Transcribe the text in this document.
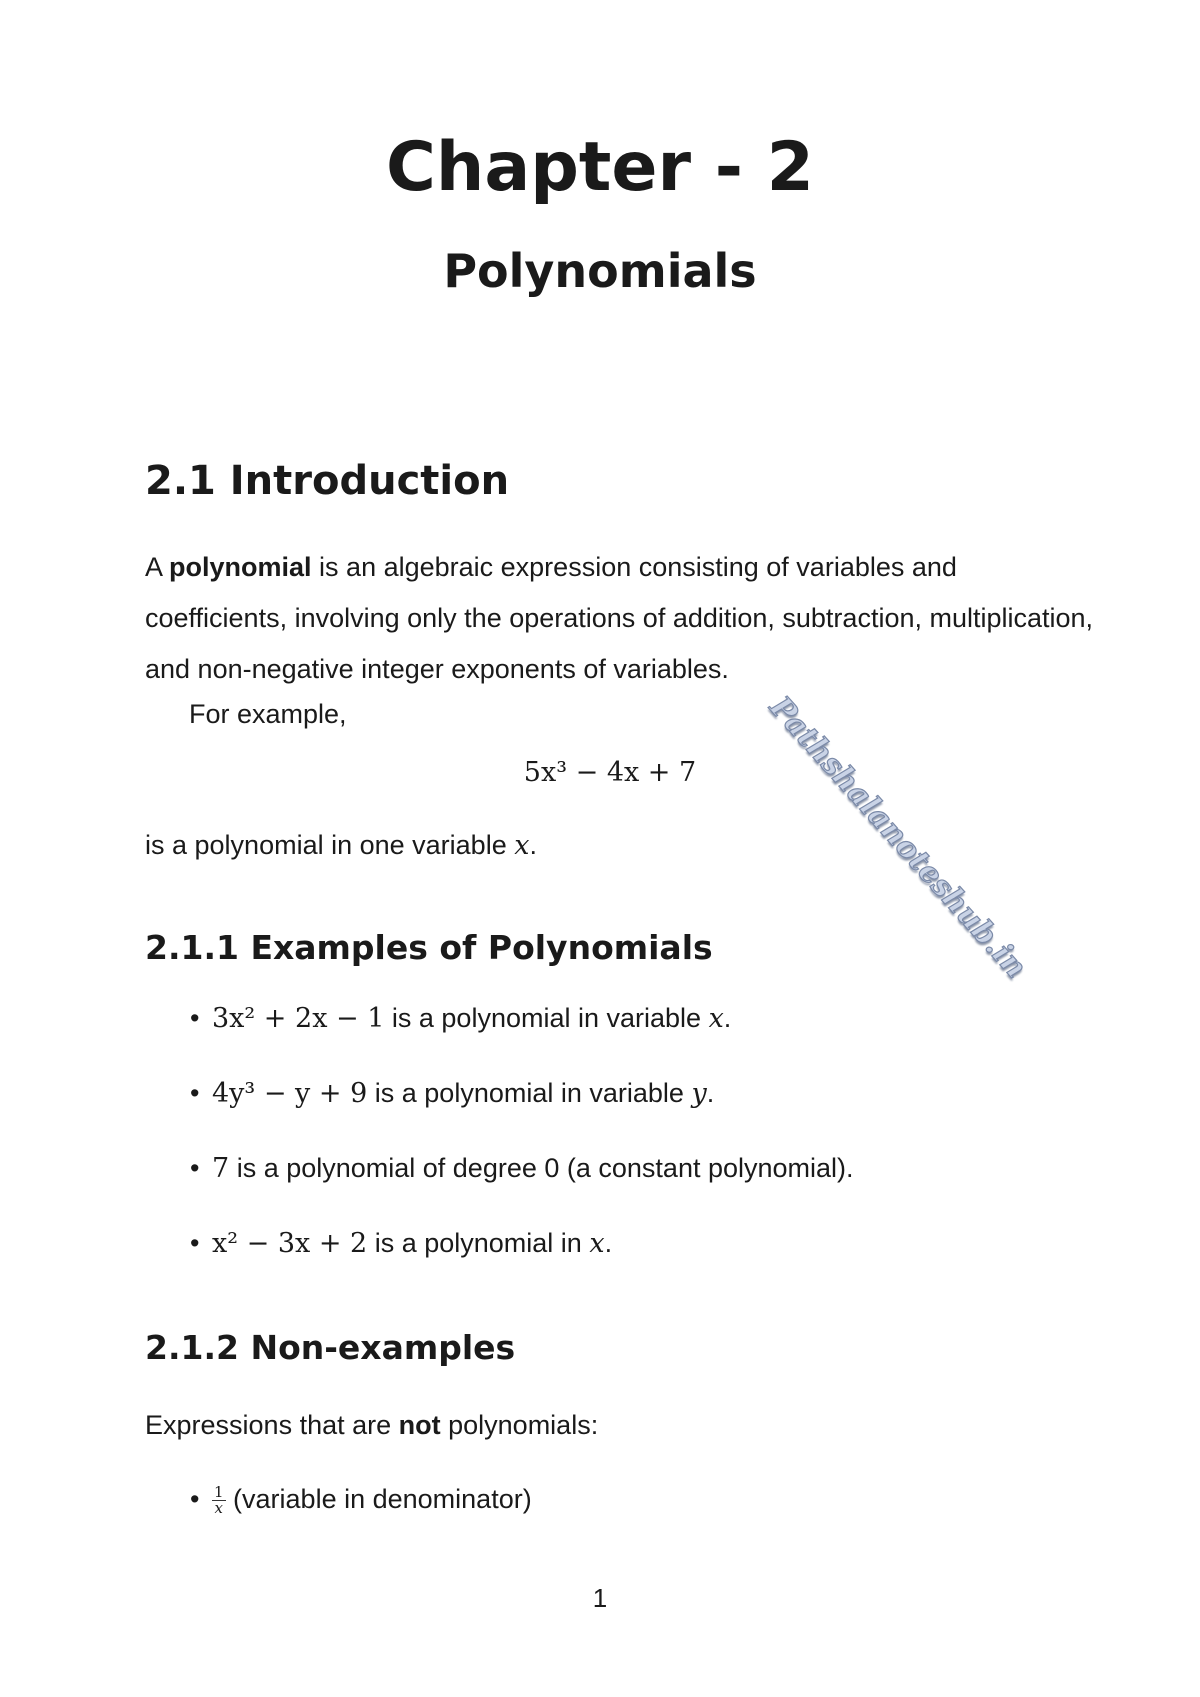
Chapter - 2
Polynomials
2.1 Introduction
A polynomial is an algebraic expression consisting of variables and coefficients, involving only the operations of addition, subtraction, multiplication, and non-negative integer exponents of variables.
For example,
5x³ − 4x + 7
is a polynomial in one variable x.
2.1.1 Examples of Polynomials
• 3x² + 2x − 1 is a polynomial in variable x.
• 4y³ − y + 9 is a polynomial in variable y.
• 7 is a polynomial of degree 0 (a constant polynomial).
• x² − 3x + 2 is a polynomial in x.
2.1.2 Non-examples
Expressions that are not polynomials:
• $\frac{1}{x}$ (variable in denominator)
1
Pathshalanoteshub.in
